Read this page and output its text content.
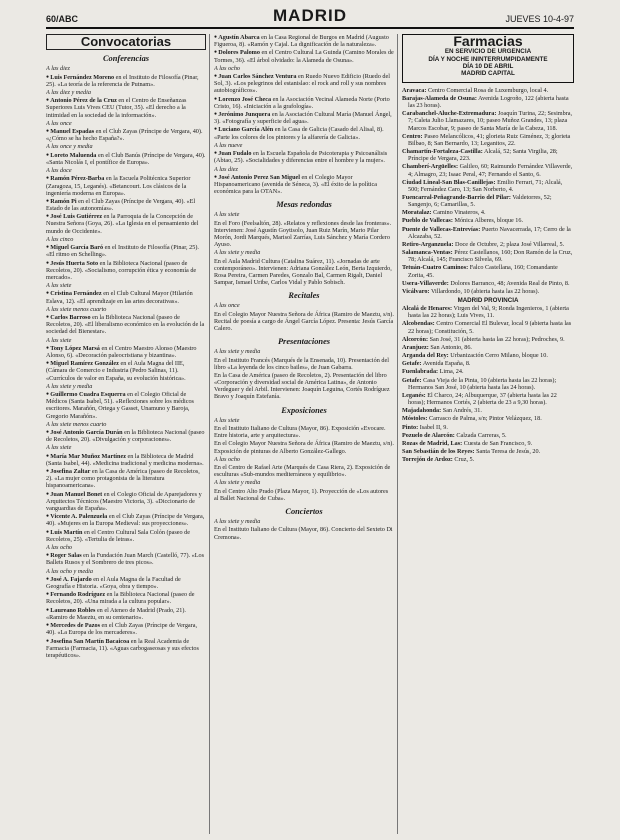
60/ABC	MADRID	JUEVES 10-4-97
Convocatorias
Conferencias
A las diez
● Luis Fernández Moreno en el Instituto de Filosofía (Pinar, 25). «La teoría de la referencia de Putnam».
A las diez y media
● Antonio Pérez de la Cruz en el Centro de Enseñanzas Superiores Luis Vives CEU (Tutor, 35). «El derecho a la intimidad en la sociedad de la información».
A las once
● Manuel Espadas en el Club Zayas (Príncipe de Vergara, 40). «¿Cómo se ha hecho España?».
A las once y media
● Loreto Maluenda en el Club Banús (Príncipe de Vergara, 40). «Santa Nicolás I, el pontífice de Europa».
A las doce
● Ramón Pérez-Barba en la Escuela Politécnica Superior (Zaragoza, 15, Leganés). «Betancourt. Los clásicos de la ingeniería moderna en Europa».
● Ramón Pi en el Club Zayas (Príncipe de Vergara, 40). «El Estado de las autonomías».
● José Luis Gutiérrez en la Parroquia de la Concepción de Nuestra Señora (Goya, 26). «La Iglesia en el pensamiento del mundo de Occidente».
A las cinco
● Miguel García Baró en el Instituto de Filosofía (Pinar, 25). «El ritmo en Schelling».
● Jesús Huerta Soto en la Biblioteca Nacional (paseo de Recoletos, 20). «Socialismo, corrupción ética y economía de mercado».
A las siete
● Cristina Fernández en el Club Cultural Mayor (Hilarión Eslava, 12). «El aprendizaje en las artes decorativas».
A las siete menos cuarto
● Carlos Barroso en la Biblioteca Nacional (paseo de Recoletos, 20). «El liberalismo económico en la evolución de la sociedad del Bienestar».
A las siete
● Tony López Marsá en el Centro Maestro Alonso (Maestro Alonso, 6). «Decoración paleocristiana y bizantina».
● Miguel Ramírez González en el Aula Magna del IIE, (Cámara de Comercio e Industria (Pedro Salinas, 11). «Currículos de valor en España, su evolución histórica».
A las siete y media
● Guillermo Cuadra Esquerra en el Colegio Oficial de Médicos (Santa Isabel, 51). «Reflexiones sobre los médicos escritores. Marañón, Ortega y Gasset, Unamuno y Baroja, Gregorio Marañón».
A las siete menos cuarto
● José Antonio García Durán en la Biblioteca Nacional (paseo de Recoletos, 20). «Divulgación y corporaciones».
A las siete
● María Mar Muñoz Martínez en la Biblioteca de Madrid (Santa Isabel, 44). «Medicina tradicional y medicina moderna».
● Josefina Zaltar en la Casa de América (paseo de Recoletos, 2). «La mujer como protagonista de la literatura hispanoamericana».
● Juan Manuel Bonet en el Colegio Oficial de Aparejadores y Arquitectos Técnicos (Maestro Victoria, 3). «Diccionario de vanguardias de España».
● Vicente A. Palenzuela en el Club Zayas (Príncipe de Vergara, 40). «Mujeres en la Europa Medieval: sus proyecciones».
● Luis Martín en el Centro Cultural Sala Colón (paseo de Recoletos, 25). «Tertulia de letras».
A las ocho
● Roger Salas en la Fundación Juan March (Castelló, 77). «Los Ballets Rusos y el Sombrero de tres picos».
A las ocho y media
● José A. Fajardo en el Aula Magna de la Facultad de Geografía e Historia. «Goya, obra y tiempo».
● Fernando Rodríguez en la Biblioteca Nacional (paseo de Recoletos, 20). «Una mirada a la cultura popular».
● Laureano Robles en el Ateneo de Madrid (Prado, 21). «Ramiro de Maeztu, en su centenario».
● Mercedes de Pazos en el Club Zayas (Príncipe de Vergara, 40). «La Europa de los mercaderes».
● Josefina San Martín Bacaicoa en la Real Academia de Farmacia (Farmacia, 11). «Aguas carbogaseosas y sus efectos terapéuticos».
● Agustín Abarca en la Casa Regional de Burgos en Madrid (Augusto Figueroa, 8). «Ramón y Cajal. La dignificación de la naturaleza».
● Dolores Palomo en el Centro Cultural La Guinda (Camino Morales de Tormes, 36). «El árbol olvidado: la Alameda de Osuna».
A las ocho
● Juan Carlos Sánchez Ventura en Ruedo Nuevo Edificio (Ruedo del Sol, 3). «Los pelegrinos del estanislao: el rock and roll y sus nombres autobiográficos».
● Lorenzo José Checa en la Asociación Vecinal Alameda Norte (Porto Cristo, 16). «Iniciación a la grafología».
● Jerónimo Junquera en la Asociación Cultural María (Manuel Ángel, 3). «Fotografía y superficie del agua».
● Luciano García Alén en la Casa de Galicia (Casado del Alisal, 8). «Parte los colores de los pintores y la alfarería de Galicia».
A las nueve
● Juan Fudalo en la Escuela Española de Psicoterapia y Psicoanálisis (Abtao, 25). «Socialidades y diferencias entre el hombre y la mujer».
A las diez
● José Antonio Perez San Miguel en el Colegio Mayor Hispanoamericano (avenida de Séneca, 3). «El éxito de la política económica para la OTAN».
Mesas redondas
A las siete
En el Foro (Feelsaltón, 28). «Relatos y reflexiones desde las fronteras». Intervienen: José Agustín Goytisolo, Juan Ruiz Marín, Mario Pilar Morón, Jordi Marqués, Marisol Zarrías, Luis Sánchez y María Cordero Ayuso.
A las siete y media
En el Aula Madrid Cultura (Catalina Suárez, 11). «Jornadas de arte contemporáneo». Intervienen: Adriana González León, Berta Izquierdo, Rosa Pereira, Carmen Paredes, Gonzalo Bal, Carmen Rigalt, Daniel Sampar, Ismael Uribe, Carlos Vidal y Pablo Sobisch.
Recitales
A las once
En el Colegio Mayor Nuestra Señora de África (Ramiro de Maeztu, s/n). Recital de poesía a cargo de Ángel García López. Presenta: Jesús García Calero.
Presentaciones
A las siete y media
En el Instituto Francés (Marqués de la Ensenada, 10). Presentación del libro «La leyenda de los cinco bailes», de Juan Gabarra.
En la Casa de América (paseo de Recoletos, 2). Presentación del libro «Corporación y diversidad social de América Latina», de Antonio Verdeguer y del Arbil. Intervienen: Joaquín Leguina, Cortés Rodríguez Bravo y Joaquín Estefanía.
Exposiciones
A las siete
En el Instituto Italiano de Cultura (Mayor, 86). Exposición «Evocare. Entre historia, arte y arquitectura».
En el Colegio Mayor Nuestra Señora de África (Ramiro de Maeztu, s/n). Exposición de pinturas de Alberto González-Gallego.
A las ocho
En el Centro de Rafael Arte (Marqués de Casa Riera, 2). Exposición de esculturas «Sub-mundos mediterráneos y equilibrio».
A las siete y media
En el Centro Alto Prado (Plaza Mayor, 1). Proyección de «Los autores al Ballet Nacional de Cuba».
Conciertos
A las siete y media
En el Instituto Italiano de Cultura (Mayor, 86). Concierto del Sexteto Di Cremona».
Farmacias
EN SERVICIO DE URGENCIA
DÍA Y NOCHE ININTERRUMPIDAMENTE
DÍA 10 DE ABRIL
MADRID CAPITAL
Aravaca: Centro Comercial Rosa de Luxemburgo, local 4.
Barajas-Alameda de Osuna: Avenida Logroño, 122 (abierta hasta las 23 horas).
Carabanchel-Aluche-Extremadura: Joaquín Turina, 22; Sesimbra, 7; Caleta Julio Llamazares, 10; paseo Muñoz Grandes, 13; plaza Marcos Escobar, 9; paseo de Santa María de la Cabeza, 118.
Centro: Paseo Melancólicos, 41; glorieta Ruiz Giménez, 3; glorieta Bilbao, 8; San Bernardo, 13; Leganitos, 22.
Chamartín-Fortaleza-Castilla: Alcalá, 52; Santa Virgilia, 28; Príncipe de Vergara, 223.
Chamberí-Argüelles: Galileo, 60; Raimundo Fernández Villaverde, 4; Almagro, 23; Isaac Peral, 47; Fernando el Santo, 6.
Ciudad Lineal-San Blas-Canillejas: Emilio Ferrari, 71; Alcalá, 500; Fernández Caro, 13; San Norberto, 4.
Fuencarral-Peñagrande-Barrio del Pilar: Valdetorres, 52; Sangenjo, 6; Camarillas, 5.
Moratalaz: Camino Vinateros, 4.
Pueblo de Vallecas: Mónica Alberes, bloque 16.
Puente de Vallecas-Entrevías: Puerto Navacerrada, 17; Cerro de la Alcazaba, 52.
Retiro-Arganzuela: Doce de Octubre, 2; plaza José Villarreal, 5.
Salamanca-Ventas: Pérez Castellanos, 160; Don Ramón de la Cruz, 78; Alcalá, 145; Francisco Silvela, 69.
Tetuán-Cuatro Caminos: Falco Castellana, 160; Comandante Zorita, 45.
Usera-Villaverde: Dolores Barranco, 48; Avenida Real de Pinto, 8.
Vicálvaro: Villardondo, 10 (abierta hasta las 22 horas).
MADRID PROVINCIA
Alcalá de Henares: Virgen del Val, 9; Ronda Ingenieros, 1 (abierta hasta las 22 horas); Luis Vives, 11.
Alcobendas: Centro Comercial El Bulevar, local 9 (abierta hasta las 22 horas); Constitución, 5.
Alcorcón: San José, 31 (abierta hasta las 22 horas); Pedroches, 9.
Aranjuez: San Antonio, 86.
Arganda del Rey: Urbanización Cerro Milano, bloque 10.
Getafe: Avenida España, 8.
Fuenlabrada: Lima, 24.
Getafe: Casa Vieja de la Pinta, 10 (abierta hasta las 22 horas); Hermanos San José, 10 (abierta hasta las 24 horas).
Leganés: El Charco, 24; Albuquerque, 37 (abierta hasta las 22 horas); Hermanos Cortés, 2 (abierta de 23 a 9,30 horas).
Majadahonda: San Andrés, 31.
Móstoles: Carrasco de Palma, s/n; Pintor Velázquez, 18.
Pinto: Isabel II, 9.
Pozuelo de Alarcón: Calzada Carreras, 5.
Rozas de Madrid, Las: Cuesta de San Francisco, 9.
San Sebastián de los Reyes: Santa Teresa de Jesús, 20.
Torrejón de Ardoz: Cruz, 5.
